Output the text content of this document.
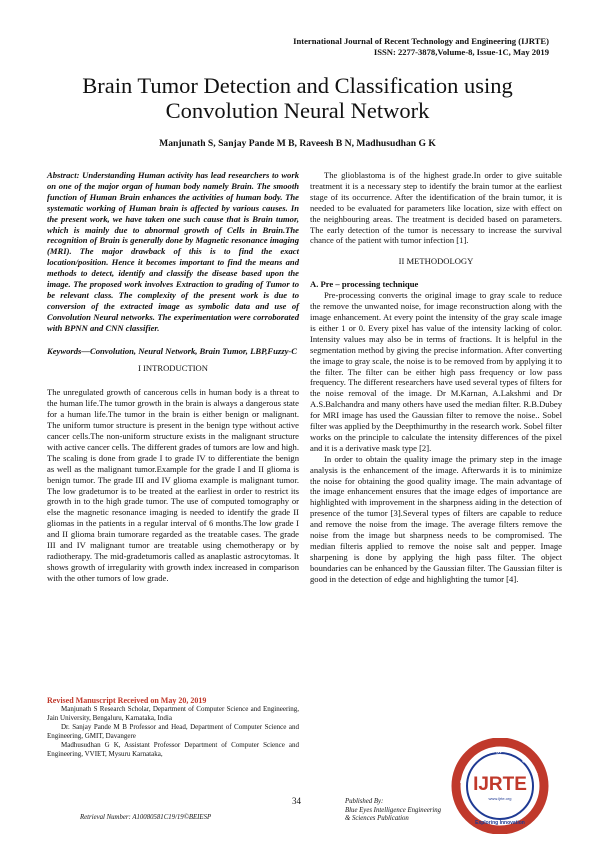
International Journal of Recent Technology and Engineering (IJRTE)
ISSN: 2277-3878,Volume-8, Issue-1C, May 2019
Brain Tumor Detection and Classification using
Convolution Neural Network
Manjunath S, Sanjay Pande M B, Raveesh B N, Madhusudhan G K

Abstract: Understanding Human activity has lead researchers to work on one of the major organ of human body namely Brain. The smooth function of Human Brain enhances the activities of human body. The systematic working of Human brain is affected by various causes. In the present work, we have taken one such cause that is Brain tumor, which is mainly due to abnormal growth of Cells in Brain.The recognition of Brain is generally done by Magnetic resonance imaging (MRI). The major drawback of this is to find the exact location/position. Hence it becomes important to find the means and methods to detect, identify and classify the disease based upon the image. The proposed work involves Extraction to grading of Tumor to be relevant class. The complexity of the present work is due to conversion of the extracted image as symbolic data and use of Convolution Neural networks. The experimentation were corroborated with BPNN and CNN classifier.

Keywords—Convolution, Neural Network, Brain Tumor, LBP,Fuzzy-C

I INTRODUCTION

The unregulated growth of cancerous cells in human body is a threat to the human life.The tumor growth in the brain is always a dangerous state for a human life.The tumor in the brain is either benign or malignant. The uniform tumor structure is present in the benign type without active cancer cells.The non-uniform structure exists in the malignant structure with active cancer cells. The different grades of tumors are low and high. The scaling is done from grade I to grade IV to differentiate the benign as well as the malignant tumor.Example for the grade I and II glioma is benign tumor. The grade III and IV glioma example is malignant tumor. The low gradetumor is to be treated at the earliest in order to restrict its growth in to the high grade tumor. The use of computed tomography or else the magnetic resonance imaging is needed to identify the grade II gliomas in the patients in a regular interval of 6 months.The low grade I and II glioma brain tumorare regarded as the treatable cases. The grade III and IV malignant tumor are treatable using chemotherapy or by radiotherapy. The mid-gradetumoris called as anaplastic astrocytomas. It shows growth of irregularity with growth index increased in comparison with the other tumors of low grade.

Revised Manuscript Received on May 20, 2019
Manjunath S Research Scholar, Department of Computer Science and Engineering, Jain University, Bengaluru, Karnataka, India
Dr. Sanjay Pande M B Professor and Head, Department of Computer Science and Engineering, GMIT, Davangere
Madhusudhan G K, Assistant Professor Department of Computer Science and Engineering, VVIET, Mysuru Karnataka,

The glioblastoma is of the highest grade.In order to give suitable treatment it is a necessary step to identify the brain tumor at the earliest stage of its occurrence. After the identification of the brain tumor, it is needed to be evaluated for parameters like location, size with effect on the neighbouring areas. The treatment is decided based on parameters. The early detection of the tumor is necessary to increase the survival chance of the patient with tumor infection [1].

II METHODOLOGY

A. Pre – processing technique

Pre-processing converts the original image to gray scale to reduce the remove the unwanted noise, for image reconstruction along with the image enhancement. At every point the intensity of the gray scale image is either 1 or 0. Every pixel has value of the intensity lacking of color. Intensity values may also be in terms of fractions. It is helpful in the segmentation method by giving the precise information. After converting the image to gray scale, the noise is to be removed from by applying it to the filter. The filter can be either high pass frequency or low pass frequency. The different researchers have used several types of filters for the noise removal of the image. Dr M.Karnan, A.Lakshmi and Dr A.S.Balchandra and many others have used the median filter. R.B.Dubey for MRI image has used the Gaussian filter to remove the noise.. Sobel filter was applied by the Deepthimurthy in the research work. Sobel filter works on the principle to calculate the intensity differences of the pixel and it is a derivative mask type [2].

In order to obtain the quality image the primary step in the image analysis is the enhancement of the image. Afterwards it is to minimize the noise for obtaining the good quality image. The main advantage of the image enhancement ensures that the image edges of importance are highlighted with improvement in the sharpness aiding in the detection of presence of the tumor [3].Several types of filters are capable to reduce and remove the noise from the image. The average filters remove the noise from the image but sharpness needs to be compromised. The median filteris applied to remove the noise salt and pepper. Image sharpening is done by applying the high pass filter. The object boundaries can be enhanced by the Gaussian filter. The Gaussian filter is good in the detection of edge and highlighting the tumor [4].

34
Retrieval Number: A10080581C19/19©BEIESP
Published By:
Blue Eyes Intelligence Engineering
& Sciences Publication
Recent Technology and Engineering
IJRTE
www.ijrte.org
Exploring Innovation
